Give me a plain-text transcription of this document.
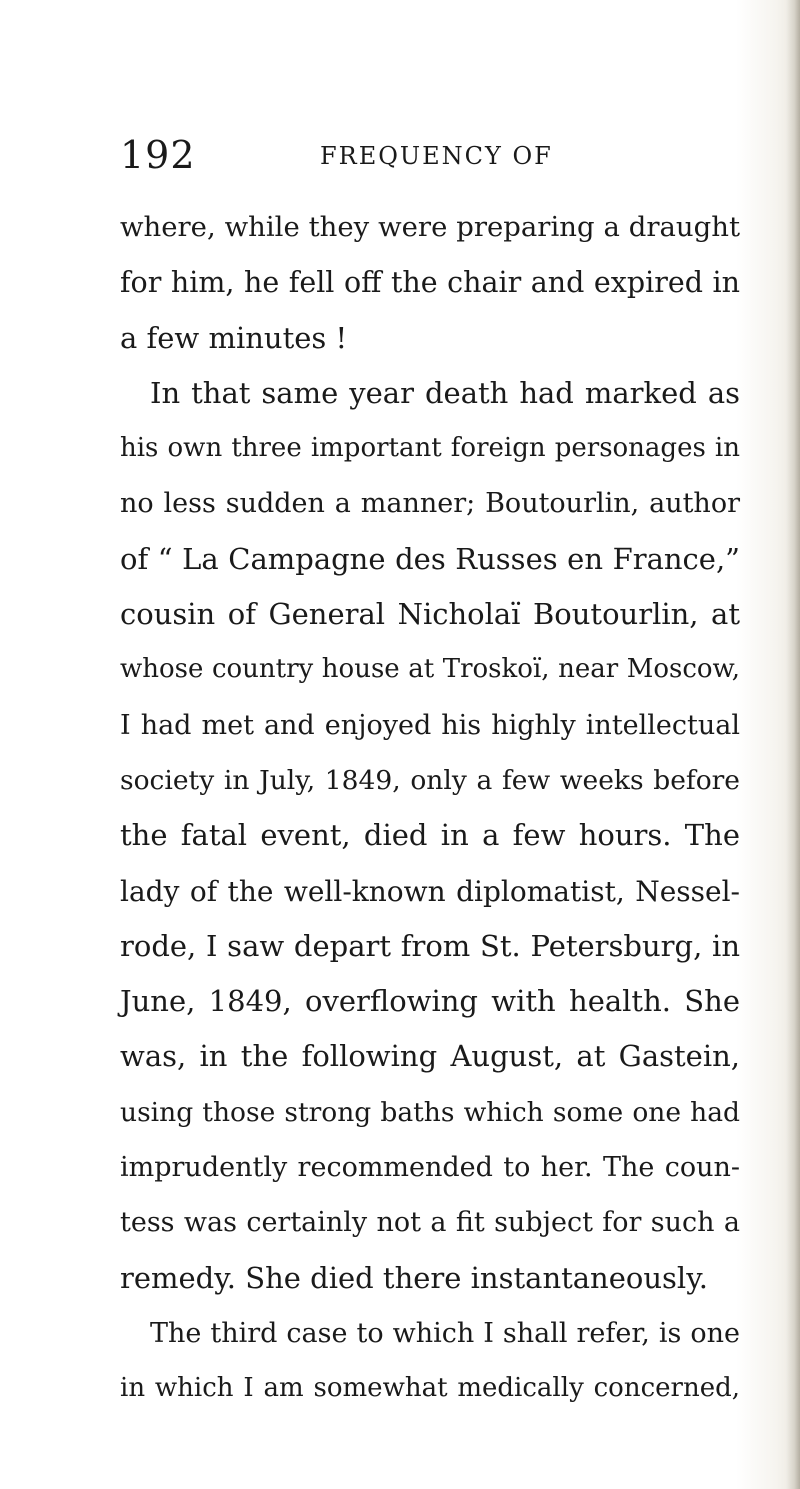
192	FREQUENCY OF
where, while they were preparing a draught
for him, he fell off the chair and expired in
a few minutes !
In that same year death had marked as
his own three important foreign personages in
no less sudden a manner; Boutourlin, author
of “ La Campagne des Russes en France,”
cousin of General Nicholaï Boutourlin, at
whose country house at Troskoï, near Moscow,
I had met and enjoyed his highly intellectual
society in July, 1849, only a few weeks before
the fatal event, died in a few hours. The
lady of the well-known diplomatist, Nessel-
rode, I saw depart from St. Petersburg, in
June, 1849, overflowing with health. She
was, in the following August, at Gastein,
using those strong baths which some one had
imprudently recommended to her. The coun-
tess was certainly not a fit subject for such a
remedy. She died there instantaneously.
The third case to which I shall refer, is one
in which I am somewhat medically concerned,
